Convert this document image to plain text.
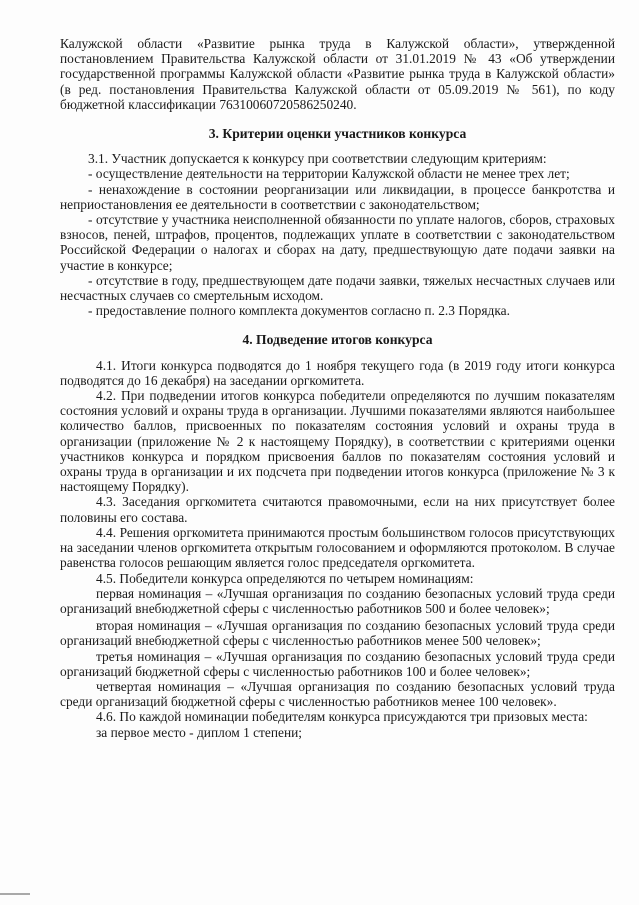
Калужской области «Развитие рынка труда в Калужской области», утвержденной постановлением Правительства Калужской области от 31.01.2019 № 43 «Об утверждении государственной программы Калужской области «Развитие рынка труда в Калужской области» (в ред. постановления Правительства Калужской области от 05.09.2019 № 561), по коду бюджетной классификации 76310060720586250240.

3. Критерии оценки участников конкурса

3.1. Участник допускается к конкурсу при соответствии следующим критериям:

- осуществление деятельности на территории Калужской области не менее трех лет;

- ненахождение в состоянии реорганизации или ликвидации, в процессе банкротства и неприостановления ее деятельности в соответствии с законодательством;

- отсутствие у участника неисполненной обязанности по уплате налогов, сборов, страховых взносов, пеней, штрафов, процентов, подлежащих уплате в соответствии с законодательством Российской Федерации о налогах и сборах на дату, предшествующую дате подачи заявки на участие в конкурсе;

- отсутствие в году, предшествующем дате подачи заявки, тяжелых несчастных случаев или несчастных случаев со смертельным исходом.

- предоставление полного комплекта документов согласно п. 2.3 Порядка.

4. Подведение итогов конкурса

4.1. Итоги конкурса подводятся до 1 ноября текущего года (в 2019 году итоги конкурса подводятся до 16 декабря) на заседании оргкомитета.

4.2. При подведении итогов конкурса победители определяются по лучшим показателям состояния условий и охраны труда в организации. Лучшими показателями являются наибольшее количество баллов, присвоенных по показателям состояния условий и охраны труда в организации (приложение № 2 к настоящему Порядку), в соответствии с критериями оценки участников конкурса и порядком присвоения баллов по показателям состояния условий и охраны труда в организации и их подсчета при подведении итогов конкурса (приложение № 3 к настоящему Порядку).

4.3. Заседания оргкомитета считаются правомочными, если на них присутствует более половины его состава.

4.4. Решения оргкомитета принимаются простым большинством голосов присутствующих на заседании членов оргкомитета открытым голосованием и оформляются протоколом. В случае равенства голосов решающим является голос председателя оргкомитета.

4.5. Победители конкурса определяются по четырем номинациям:

первая номинация – «Лучшая организация по созданию безопасных условий труда среди организаций внебюджетной сферы с численностью работников 500 и более человек»;

вторая номинация – «Лучшая организация по созданию безопасных условий труда среди организаций внебюджетной сферы с численностью работников менее 500 человек»;

третья номинация – «Лучшая организация по созданию безопасных условий труда среди организаций бюджетной сферы с численностью работников 100 и более человек»;

четвертая номинация – «Лучшая организация по созданию безопасных условий труда среди организаций бюджетной сферы с численностью работников менее 100 человек».

4.6. По каждой номинации победителям конкурса присуждаются три призовых места:

за первое место - диплом 1 степени;
